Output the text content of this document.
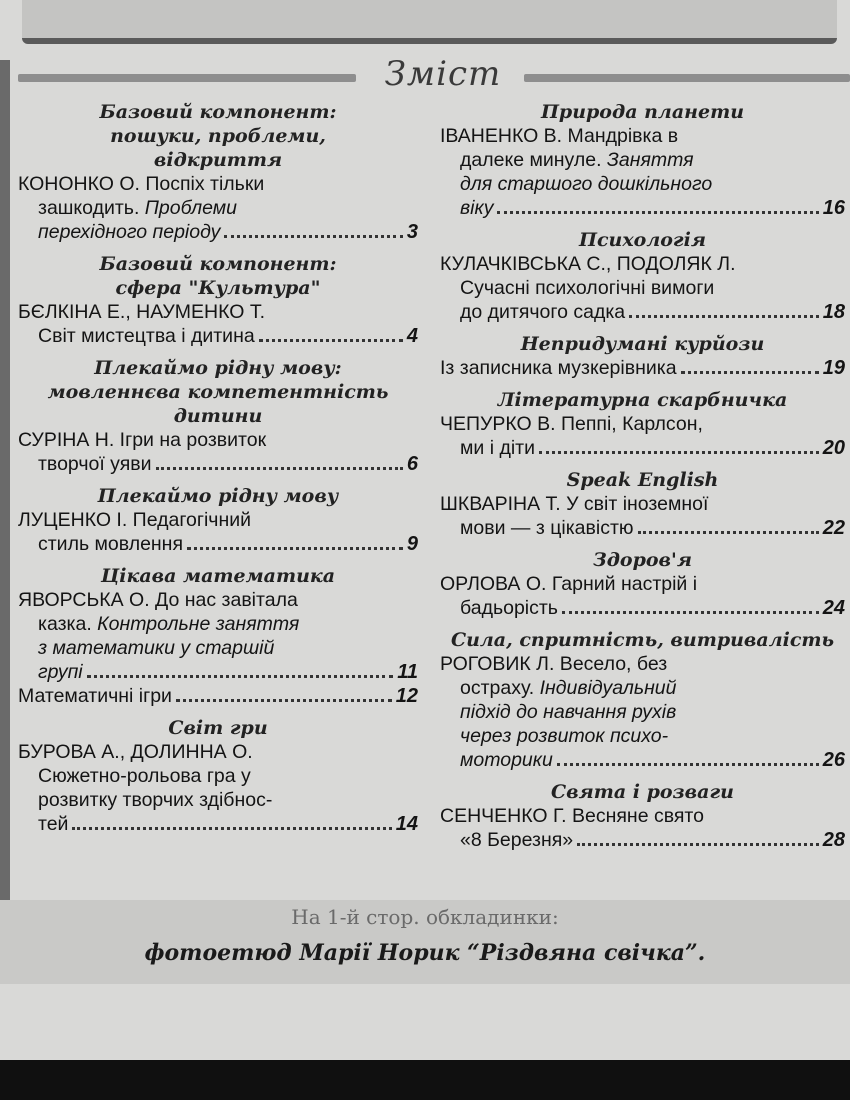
Зміст
Базовий компонент:
пошуки, проблеми,
відкриття
КОНОНКО О. Поспіх тільки
зашкодить. Проблеми
перехідного періоду	3
Базовий компонент:
сфера "Культура"
БЄЛКІНА Е., НАУМЕНКО Т.
Світ мистецтва і дитина	4
Плекаймо рідну мову:
мовленнєва компетентність
дитини
СУРІНА Н. Ігри на розвиток
творчої уяви	6
Плекаймо рідну мову
ЛУЦЕНКО І. Педагогічний
стиль мовлення	9
Цікава математика
ЯВОРСЬКА О. До нас завітала
казка. Контрольне заняття
з математики у старшій
групі	11
Математичні ігри	12
Світ гри
БУРОВА А., ДОЛИННА О.
Сюжетно-рольова гра у
розвитку творчих здібнос-
тей	14
Природа планети
ІВАНЕНКО В. Мандрівка в
далеке минуле. Заняття
для старшого дошкільного
віку	16
Психологія
КУЛАЧКІВСЬКА С., ПОДОЛЯК Л.
Сучасні психологічні вимоги
до дитячого садка	18
Непридумані курйози
Із записника музкерівника	19
Літературна скарбничка
ЧЕПУРКО В. Пеппі, Карлсон,
ми і діти	20
Speak English
ШКВАРІНА Т. У світ іноземної
мови — з цікавістю	22
Здоров'я
ОРЛОВА О. Гарний настрій і
бадьорість	24
Сила, спритність, витривалість
РОГОВИК Л. Весело, без
остраху. Індивідуальний
підхід до навчання рухів
через розвиток психо-
моторики	26
Свята і розваги
СЕНЧЕНКО Г. Весняне свято
«8 Березня»	28
На 1-й стор. обкладинки:
фотоетюд Марії Норик “Різдвяна свічка”.
